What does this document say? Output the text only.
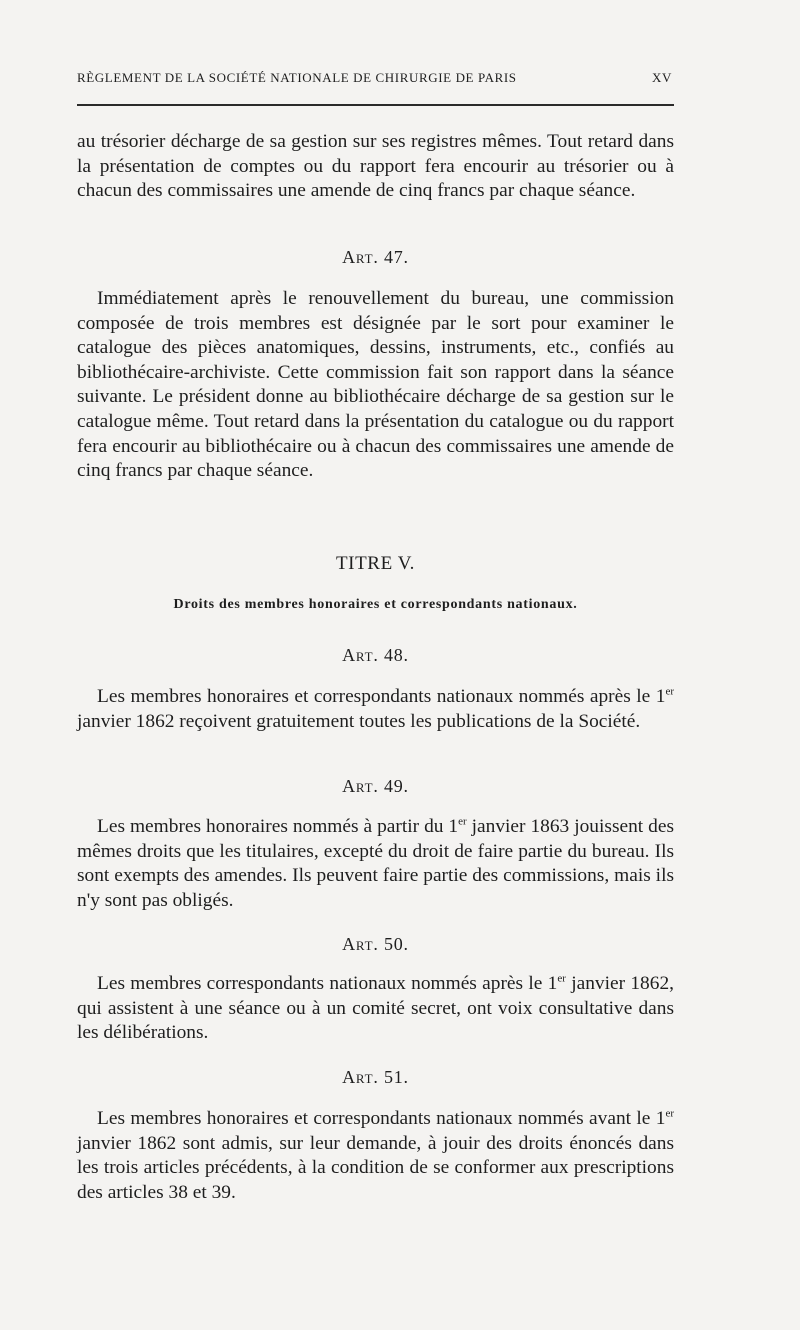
RÈGLEMENT DE LA SOCIÉTÉ NATIONALE DE CHIRURGIE DE PARIS	XV

au trésorier décharge de sa gestion sur ses registres mêmes. Tout retard dans la présentation de comptes ou du rapport fera encourir au trésorier ou à chacun des commissaires une amende de cinq francs par chaque séance.

Art. 47.

Immédiatement après le renouvellement du bureau, une commission composée de trois membres est désignée par le sort pour examiner le catalogue des pièces anatomiques, dessins, instruments, etc., confiés au bibliothécaire-archiviste. Cette commission fait son rapport dans la séance suivante. Le président donne au bibliothécaire décharge de sa gestion sur le catalogue même. Tout retard dans la présentation du catalogue ou du rapport fera encourir au bibliothécaire ou à chacun des commissaires une amende de cinq francs par chaque séance.

TITRE V.
Droits des membres honoraires et correspondants nationaux.
Art. 48.

Les membres honoraires et correspondants nationaux nommés après le 1er janvier 1862 reçoivent gratuitement toutes les publications de la Société.

Art. 49.

Les membres honoraires nommés à partir du 1er janvier 1863 jouissent des mêmes droits que les titulaires, excepté du droit de faire partie du bureau. Ils sont exempts des amendes. Ils peuvent faire partie des commissions, mais ils n'y sont pas obligés.

Art. 50.

Les membres correspondants nationaux nommés après le 1er janvier 1862, qui assistent à une séance ou à un comité secret, ont voix consultative dans les délibérations.

Art. 51.

Les membres honoraires et correspondants nationaux nommés avant le 1er janvier 1862 sont admis, sur leur demande, à jouir des droits énoncés dans les trois articles précédents, à la condition de se conformer aux prescriptions des articles 38 et 39.
